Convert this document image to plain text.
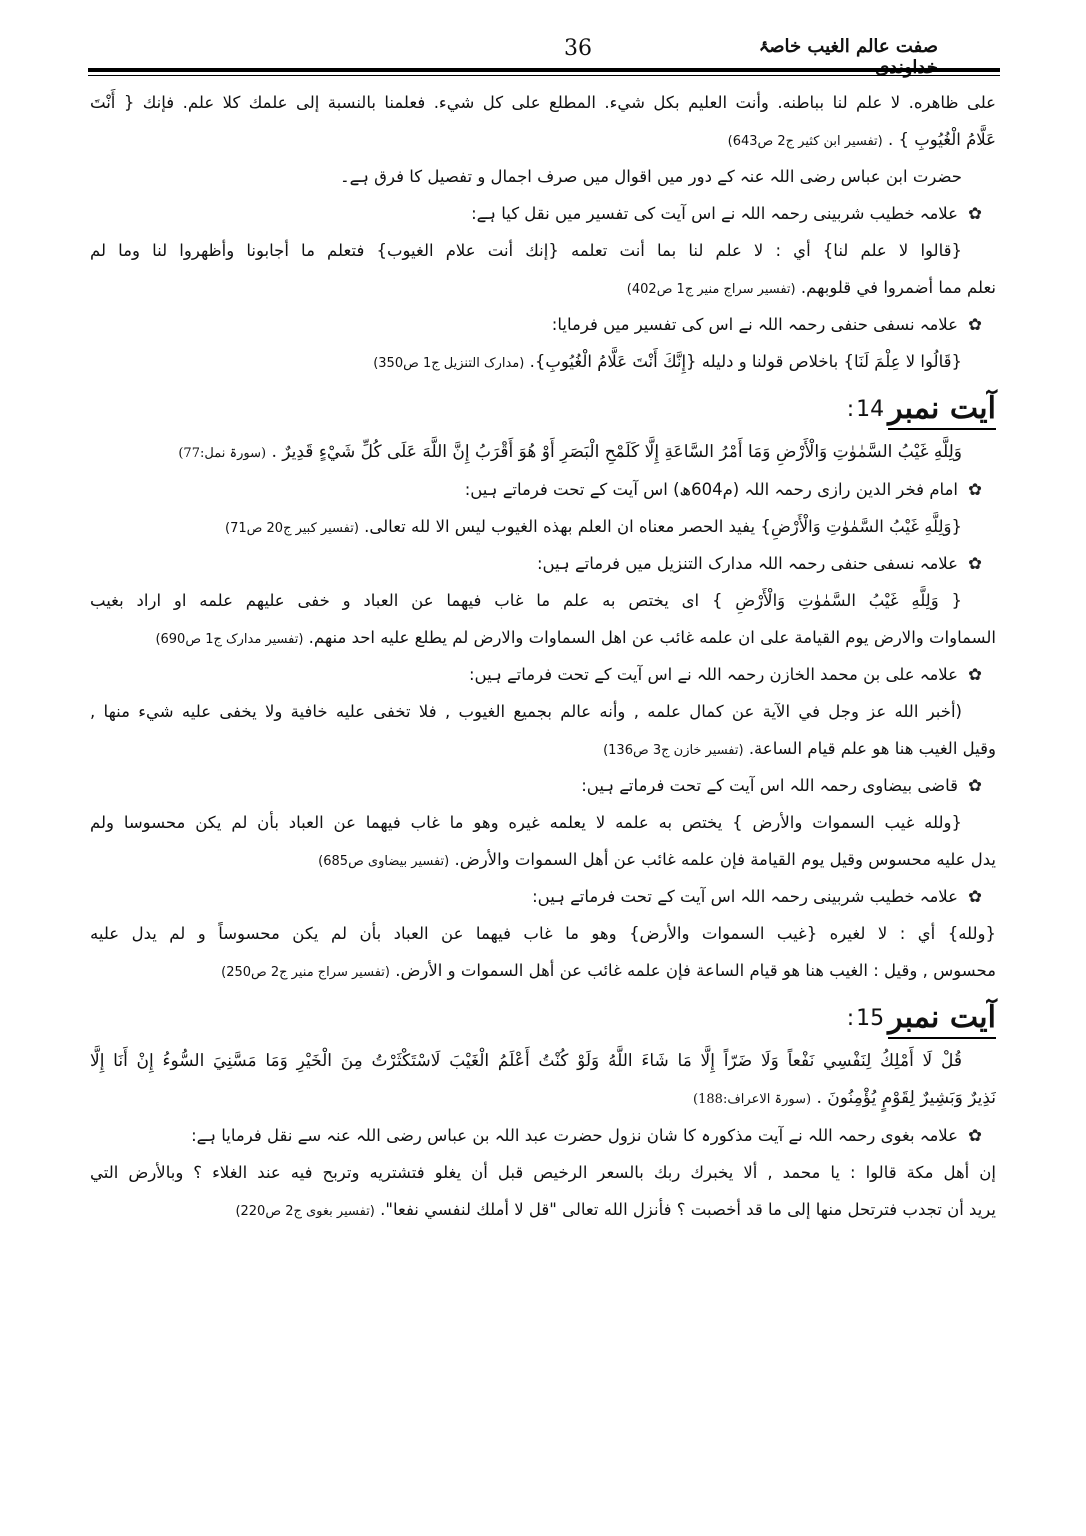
صفت عالم الغیب خاصۂ
36
علی ظاهره. لا علم لنا بباطنه. وأنت العليم بكل شيء. المطلع على كل شيء. فعلمنا بالنسبة إلى علمك كلا علم. فإنك { أَنْتَ
عَلَّامُ الْغُيُوبِ } . (تفسیر ابن کثیر ج2 ص643)
حضرت ابن عباس رضی اللہ عنہ کے دور میں اقوال میں صرف اجمال و تفصیل کا فرق ہے۔
✿علامہ خطیب شربینی رحمہ اللہ نے اس آیت کی تفسیر میں نقل کیا ہے:
{قالوا لا علم لنا} أي : لا علم لنا بما أنت تعلمه {إنك أنت علام الغيوب} فتعلم ما أجابونا وأظهروا لنا وما لم
نعلم مما أضمروا في قلوبهم. (تفسیر سراج منیر ج1 ص402)
✿علامہ نسفی حنفی رحمہ اللہ نے اس کی تفسیر میں فرمایا:
{قَالُوا لا عِلْمَ لَنَا} باخلاص قولنا و دليله {إِنَّكَ أَنْتَ عَلَّامُ الْغُيُوبِ}. (مدارک التنزیل ج1 ص350)
آیت نمبر
14
:
وَلِلَّهِ غَيْبُ السَّمٰوٰتِ وَالْأَرْضِ وَمَا أَمْرُ السَّاعَةِ إِلَّا كَلَمْحِ الْبَصَرِ أَوْ هُوَ أَقْرَبُ إِنَّ اللَّهَ عَلَى كُلِّ شَيْءٍ قَدِيرٌ . (سورۃ نمل:77)
✿امام فخر الدین رازی رحمہ اللہ (م604ھ) اس آیت کے تحت فرماتے ہیں:
{وَلِلَّهِ غَيْبُ السَّمٰوٰتِ وَالْأَرْضِ} يفيد الحصر معناه ان العلم بهذه الغيوب ليس الا لله تعالى. (تفسیر کبیر ج20 ص71)
✿علامہ نسفی حنفی رحمہ اللہ مدارک التنزیل میں فرماتے ہیں:
{ وَلِلَّهِ غَيْبُ السَّمٰوٰتِ وَالْأَرْضِ } اى يختص به علم ما غاب فيهما عن العباد و خفى عليهم علمه او اراد بغيب
السماوات والارض يوم القيامة على ان علمه غائب عن اهل السماوات والارض لم يطلع عليه احد منهم. (تفسیر مدارک ج1 ص690)
✿علامہ علی بن محمد الخازن رحمہ اللہ نے اس آیت کے تحت فرماتے ہیں:
(أخبر الله عز وجل في الآية عن كمال علمه , وأنه عالم بجميع الغيوب , فلا تخفى عليه خافية ولا يخفى عليه شيء منها ,
وقيل الغيب هنا هو علم قيام الساعة. (تفسیر خازن ج3 ص136)
✿قاضی بیضاوی رحمہ اللہ اس آیت کے تحت فرماتے ہیں:
{ولله غيب السموات والأرض } يختص به علمه لا يعلمه غيره وهو ما غاب فيهما عن العباد بأن لم يكن محسوسا ولم
يدل عليه محسوس وقيل يوم القيامة فإن علمه غائب عن أهل السموات والأرض. (تفسیر بیضاوی ص685)
✿علامہ خطیب شربینی رحمہ اللہ اس آیت کے تحت فرماتے ہیں:
{ولله} أي : لا لغيره {غيب السموات والأرض} وهو ما غاب فيهما عن العباد بأن لم يكن محسوساً و لم يدل عليه
محسوس , وقيل : الغيب هنا هو قيام الساعة فإن علمه غائب عن أهل السموات و الأرض. (تفسیر سراج منیر ج2 ص250)
آیت نمبر
15
:
قُلْ لَا أَمْلِكُ لِنَفْسِي نَفْعاً وَلَا ضَرّاً إِلَّا مَا شَاءَ اللَّهُ وَلَوْ كُنْتُ أَعْلَمُ الْغَيْبَ لَاسْتَكْثَرْتُ مِنَ الْخَيْرِ وَمَا مَسَّنِيَ السُّوءُ إِنْ أَنَا إِلَّا
نَذِيرٌ وَبَشِيرٌ لِقَوْمٍ يُؤْمِنُونَ . (سورۃ الاعراف:188)
✿علامہ بغوی رحمہ اللہ نے آیت مذکورہ کا شان نزول حضرت عبد اللہ بن عباس رضی اللہ عنہ سے نقل فرمایا ہے:
إن أهل مكة قالوا : يا محمد , ألا يخبرك ربك بالسعر الرخيص قبل أن يغلو فتشتريه وتربح فيه عند الغلاء ؟ وبالأرض التي
يريد أن تجدب فترتحل منها إلى ما قد أخصبت ؟ فأنزل الله تعالى "قل لا أملك لنفسي نفعا". (تفسیر بغوی ج2 ص220)
